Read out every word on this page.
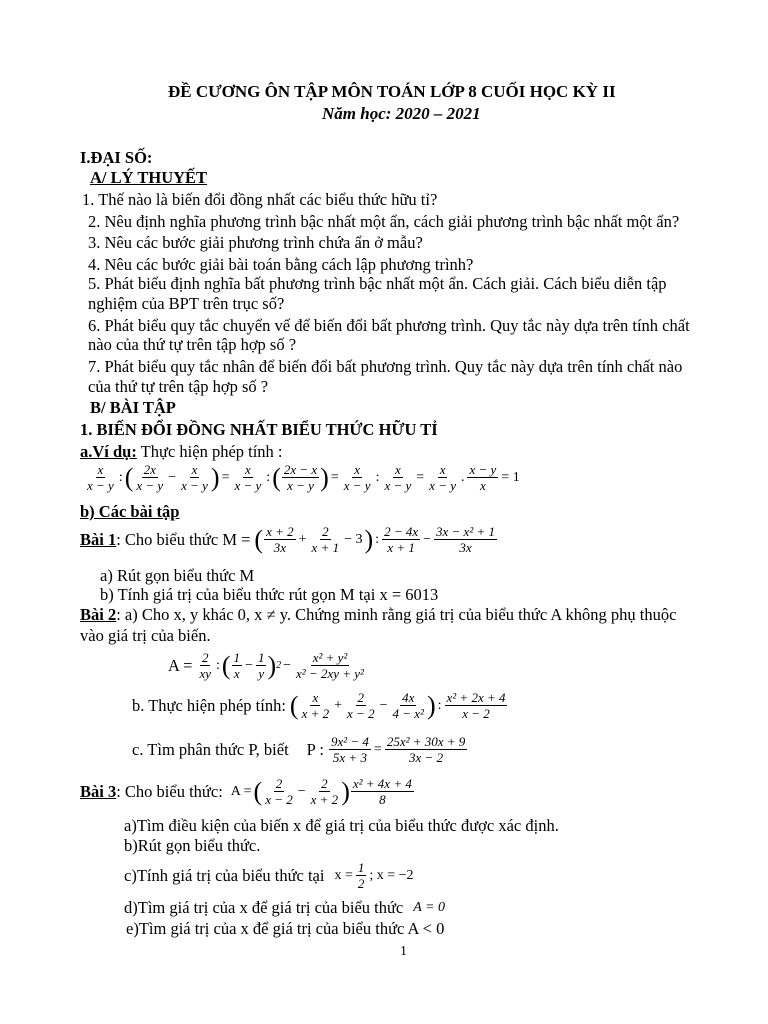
ĐỀ CƯƠNG ÔN TẬP MÔN TOÁN LỚP 8 CUỐI HỌC KỲ II
Năm học: 2020 – 2021
I.ĐẠI SỐ:
A/ LÝ THUYẾT
1. Thế nào là biến đổi đồng nhất các biểu thức hữu tỉ?
2. Nêu định nghĩa phương trình bậc nhất một ẩn, cách giải phương trình bậc nhất một ẩn?
3. Nêu các bước giải phương trình chứa ẩn ở mẫu?
4. Nêu các bước giải bài toán bằng cách lập phương trình?
5. Phát biểu định nghĩa bất phương trình bậc nhất một ẩn. Cách giải. Cách biểu diễn tập
nghiệm của BPT trên trục số?
6. Phát biểu quy tắc chuyển vế để biến đổi bất phương trình. Quy tắc này dựa trên tính chất
nào của thứ tự trên tập hợp số ?
7. Phát biểu quy tắc nhân để biến đổi bất phương trình. Quy tắc này dựa trên tính chất nào
của thứ tự trên tập hợp số ?
B/ BÀI TẬP
1. BIẾN ĐỔI ĐỒNG NHẤT BIỂU THỨC HỮU TỈ
a.Ví dụ: Thực hiện phép tính :
$\frac{x}{x - y}$ : ( $\frac{2x}{x - y} - \frac{x}{x - y}$ ) = $\frac{x}{x - y}$ : ( $\frac{2x - x}{x - y}$ ) = $\frac{x}{x - y}$ : $\frac{x}{x - y} = \frac{x}{x - y}$ . $\frac{x - y}{x} = 1$
b) Các bài tập
Bài 1 : Cho biểu thức M = ( $\frac{x + 2}{3x} + \frac{2}{x + 1} - 3$ ) : $\frac{2 - 4x}{x + 1} - \frac{\text{3x − x² + 1}}{3x}$
a) Rút gọn biểu thức M
b) Tính giá trị của biểu thức rút gọn M tại x = 6013
Bài 2: a) Cho x, y khác 0, x ≠ y. Chứng minh rằng giá trị của biểu thức A không phụ thuộc
vào giá trị của biến.
$A = \frac{2}{xy}$ : ( $\frac{1}{x} - \frac{1}{y}$ ) $2 - \frac{\text{x² + y²}}{\text{x² − 2xy + y²}}$
b. Thực hiện phép tính: ( $\frac{x}{x + 2} + \frac{2}{x - 2} - \frac{4x}{\text{4 − x²}}$ ) : $\frac{\text{x² + 2x + 4}}{x - 2}$
c. Tìm phân thức P, biết P : $\frac{\text{9x² − 4}}{5x + 3} = \frac{\text{25x² + 30x + 9}}{3x - 2}$
Bài 3 : Cho biểu thức: A = ( $\frac{2}{x - 2} - \frac{2}{x + 2}$ ) $\frac{\text{x² + 4x + 4}}{8}$
a)Tìm điều kiện của biến x để giá trị của biểu thức được xác định.
b)Rút gọn biểu thức.
c)Tính giá trị của biểu thức tại $x = \frac{1}{2}$ ; x = −2
d)Tìm giá trị của x để giá trị của biểu thức A = 0
e)Tìm giá trị của x để giá trị của biểu thức A < 0
1
